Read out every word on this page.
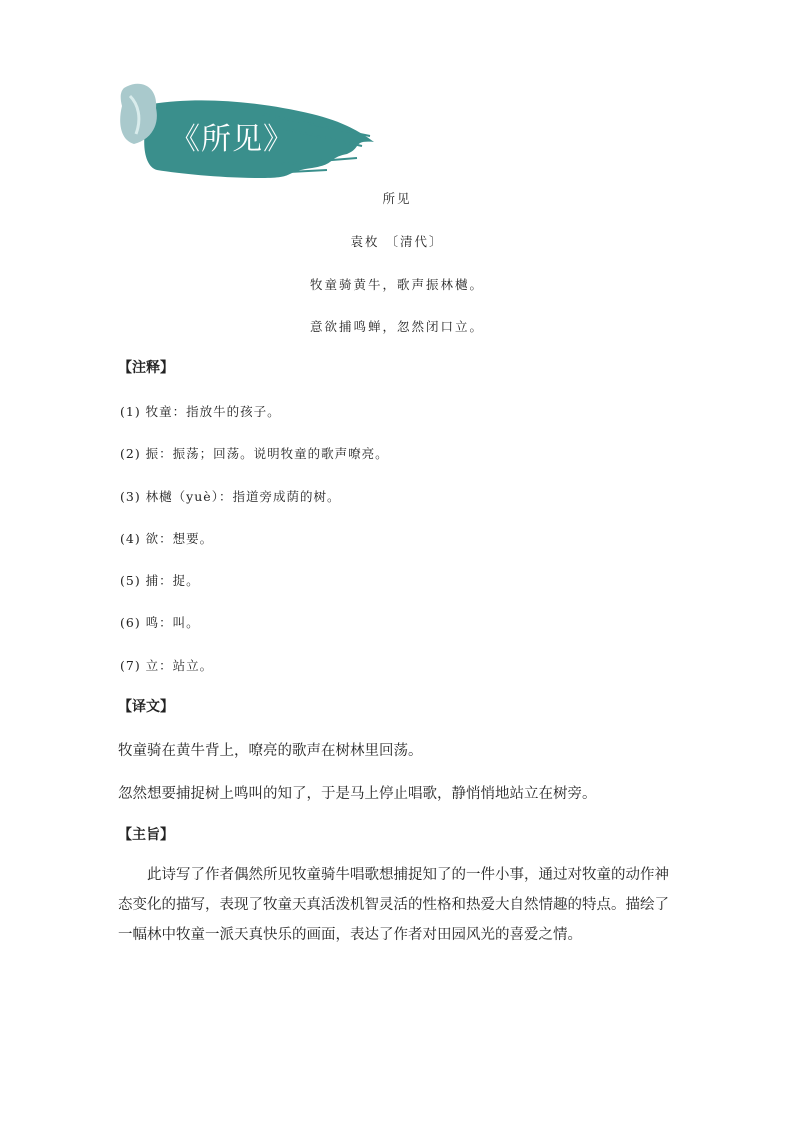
《所见》
所见
袁枚 〔清代〕
牧童骑黄牛，歌声振林樾。
意欲捕鸣蝉，忽然闭口立。
【注释】
(1) 牧童：指放牛的孩子。
(2) 振：振荡；回荡。说明牧童的歌声嘹亮。
(3) 林樾（yuè）：指道旁成荫的树。
(4) 欲：想要。
(5) 捕：捉。
(6) 鸣：叫。
(7) 立：站立。
【译文】
牧童骑在黄牛背上，嘹亮的歌声在树林里回荡。
忽然想要捕捉树上鸣叫的知了，于是马上停止唱歌，静悄悄地站立在树旁。
【主旨】
此诗写了作者偶然所见牧童骑牛唱歌想捕捉知了的一件小事，通过对牧童的动作神态变化的描写，表现了牧童天真活泼机智灵活的性格和热爱大自然情趣的特点。描绘了一幅林中牧童一派天真快乐的画面，表达了作者对田园风光的喜爱之情。
